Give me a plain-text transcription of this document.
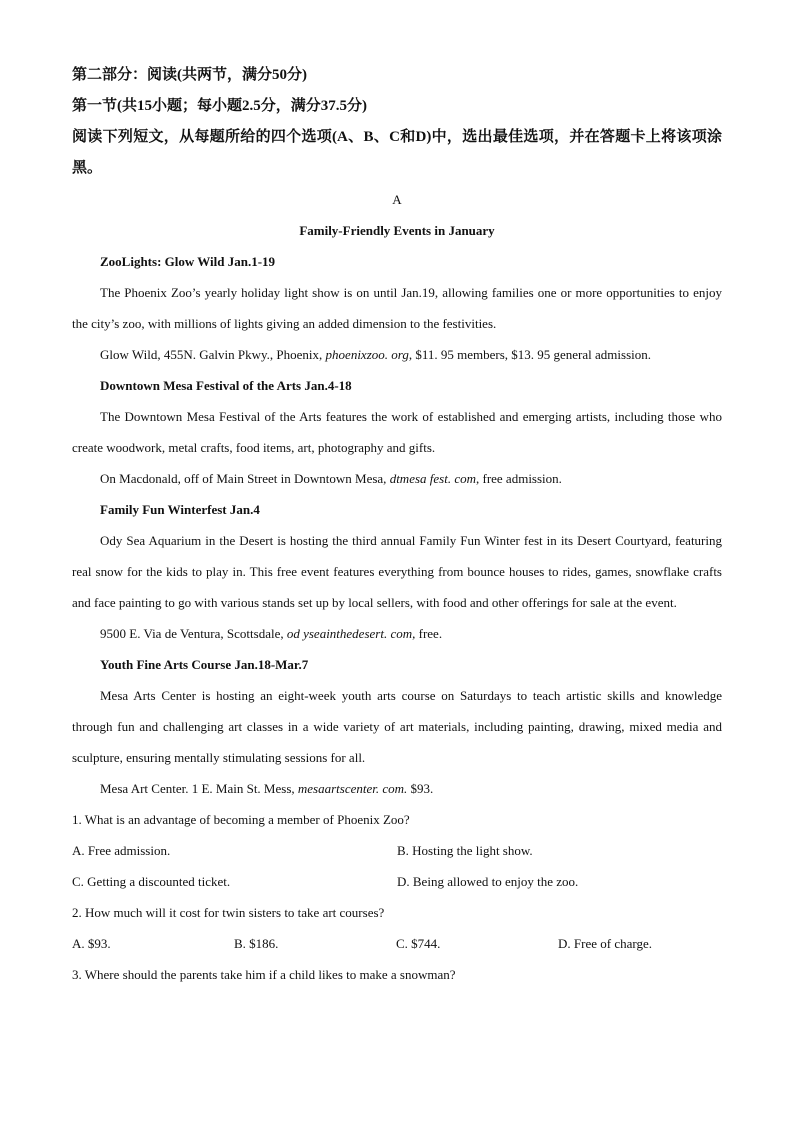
第二部分：阅读(共两节，满分50分)

第一节(共15小题；每小题2.5分，满分37.5分)

阅读下列短文，从每题所给的四个选项(A、B、C和D)中，选出最佳选项，并在答题卡上将该项涂黑。

A

Family-Friendly Events in January

ZooLights: Glow Wild Jan.1-19

The Phoenix Zoo’s yearly holiday light show is on until Jan.19, allowing families one or more opportunities to enjoy the city’s zoo, with millions of lights giving an added dimension to the festivities.

Glow Wild, 455N. Galvin Pkwy., Phoenix, phoenixzoo. org, $11. 95 members, $13. 95 general admission.

Downtown Mesa Festival of the Arts Jan.4-18

The Downtown Mesa Festival of the Arts features the work of established and emerging artists, including those who create woodwork, metal crafts, food items, art, photography and gifts.

On Macdonald, off of Main Street in Downtown Mesa, dtmesa fest. com, free admission.

Family Fun Winterfest Jan.4

Ody Sea Aquarium in the Desert is hosting the third annual Family Fun Winter fest in its Desert Courtyard, featuring real snow for the kids to play in. This free event features everything from bounce houses to rides, games, snowflake crafts and face painting to go with various stands set up by local sellers, with food and other offerings for sale at the event.

9500 E. Via de Ventura, Scottsdale, od yseainthedesert. com, free.

Youth Fine Arts Course Jan.18-Mar.7

Mesa Arts Center is hosting an eight-week youth arts course on Saturdays to teach artistic skills and knowledge through fun and challenging art classes in a wide variety of art materials, including painting, drawing, mixed media and sculpture, ensuring mentally stimulating sessions for all.

Mesa Art Center. 1 E. Main St. Mess, mesaartscenter. com. $93.

1. What is an advantage of becoming a member of Phoenix Zoo?

A. Free admission.	B. Hosting the light show.
C. Getting a discounted ticket.	D. Being allowed to enjoy the zoo.

2. How much will it cost for twin sisters to take art courses?

A. $93.	B. $186.	C. $744.	D. Free of charge.

3. Where should the parents take him if a child likes to make a snowman?
